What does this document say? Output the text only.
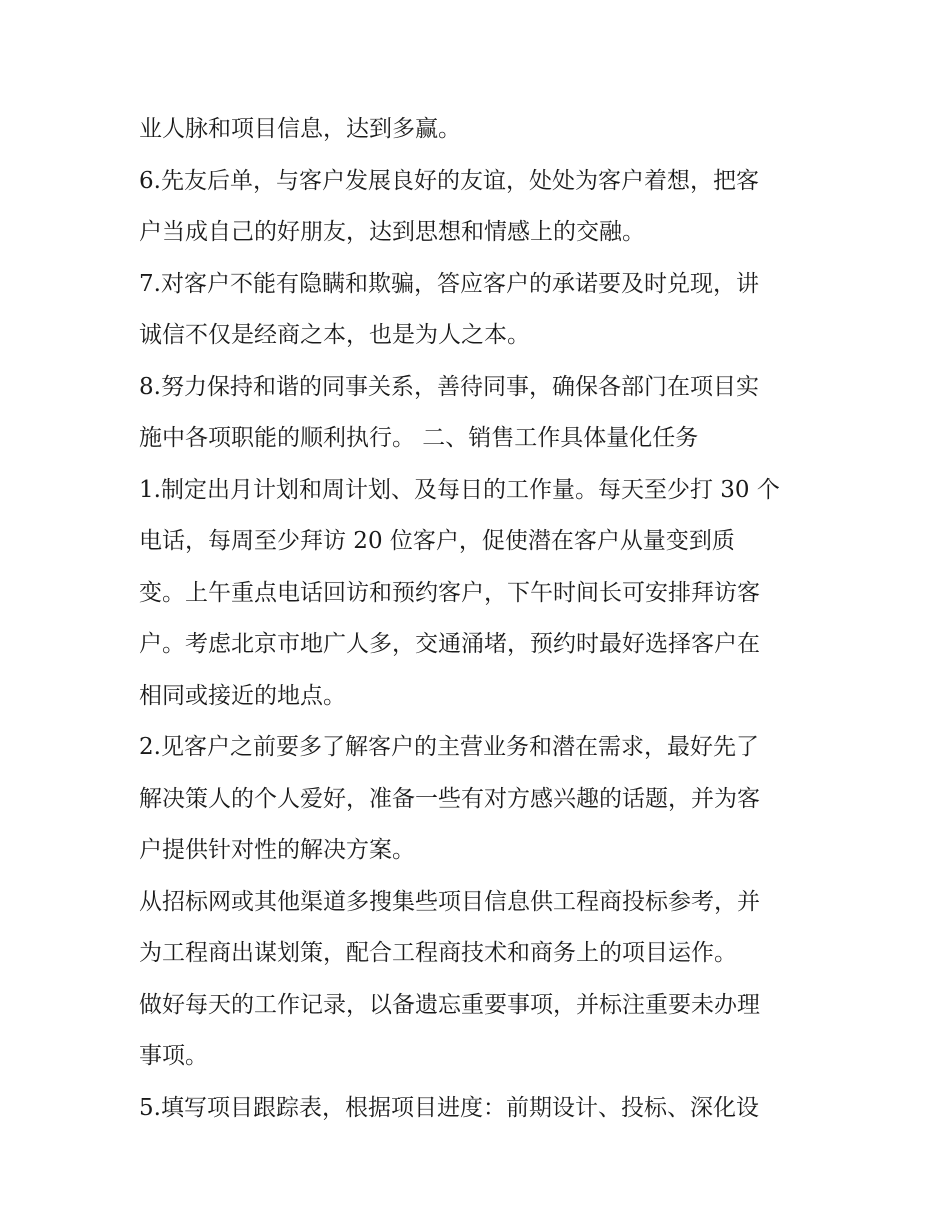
业人脉和项目信息，达到多赢。
6.先友后单，与客户发展良好的友谊，处处为客户着想，把客
户当成自己的好朋友，达到思想和情感上的交融。
7.对客户不能有隐瞒和欺骗，答应客户的承诺要及时兑现，讲
诚信不仅是经商之本，也是为人之本。
8.努力保持和谐的同事关系，善待同事，确保各部门在项目实
施中各项职能的顺利执行。 二、销售工作具体量化任务
1.制定出月计划和周计划、及每日的工作量。每天至少打 30 个
电话，每周至少拜访 20 位客户，促使潜在客户从量变到质
变。上午重点电话回访和预约客户，下午时间长可安排拜访客
户。考虑北京市地广人多，交通涌堵，预约时最好选择客户在
相同或接近的地点。
2.见客户之前要多了解客户的主营业务和潜在需求，最好先了
解决策人的个人爱好，准备一些有对方感兴趣的话题，并为客
户提供针对性的解决方案。
从招标网或其他渠道多搜集些项目信息供工程商投标参考，并
为工程商出谋划策，配合工程商技术和商务上的项目运作。
做好每天的工作记录，以备遗忘重要事项，并标注重要未办理
事项。
5.填写项目跟踪表，根据项目进度：前期设计、投标、深化设
